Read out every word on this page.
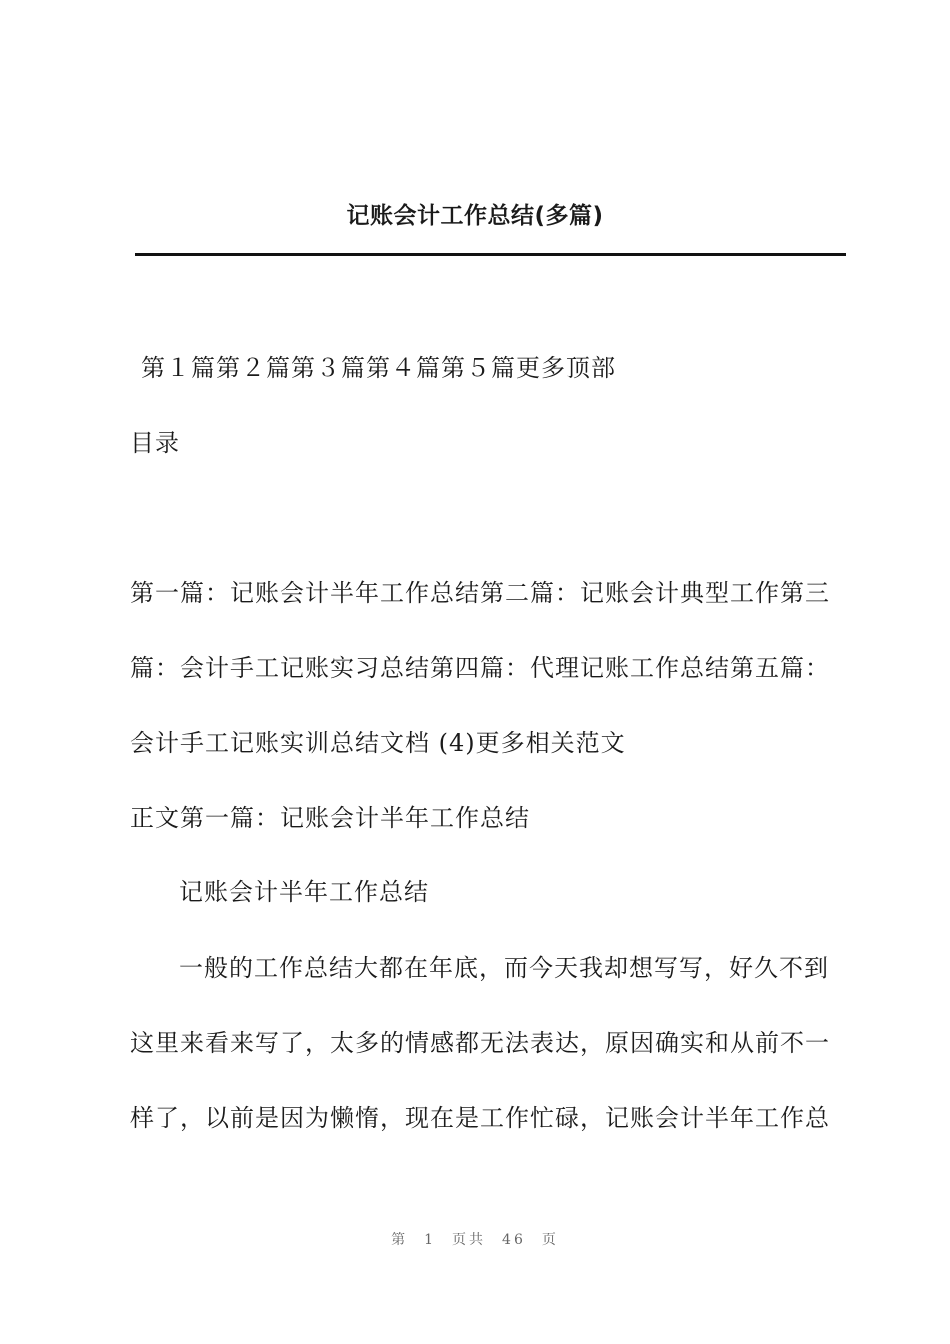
记账会计工作总结(多篇)
第１篇第２篇第３篇第４篇第５篇更多顶部
目录
第一篇：记账会计半年工作总结第二篇：记账会计典型工作第三
篇：会计手工记账实习总结第四篇：代理记账工作总结第五篇：
会计手工记账实训总结文档 (4)更多相关范文
正文第一篇：记账会计半年工作总结
记账会计半年工作总结
一般的工作总结大都在年底，而今天我却想写写，好久不到
这里来看来写了，太多的情感都无法表达，原因确实和从前不一
样了，以前是因为懒惰，现在是工作忙碌，记账会计半年工作总
第 1 页共 46 页
